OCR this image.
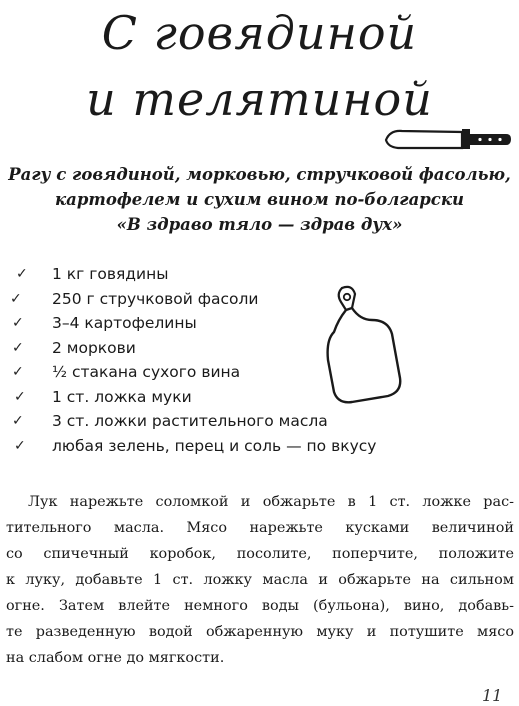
С говядиной
и телятиной
Рагу с говядиной, морковью, стручковой фасолью,
картофелем и сухим вином по-болгарски
«В здраво тяло — здрав дух»
✓ 1 кг говядины
✓ 250 г стручковой фасоли
✓ 3–4 картофелины
✓ 2 моркови
✓ ½ стакана сухого вина
✓ 1 ст. ложка муки
✓ 3 ст. ложки растительного масла
✓ любая зелень, перец и соль — по вкусу
Лук нарежьте соломкой и обжарьте в 1 ст. ложке рас-
тительного масла. Мясо нарежьте кусками величиной
со спичечный коробок, посолите, поперчите, положите
к луку, добавьте 1 ст. ложку масла и обжарьте на сильном
огне. Затем влейте немного воды (бульона), вино, добавь-
те разведенную водой обжаренную муку и потушите мясо
на слабом огне до мягкости.
11
